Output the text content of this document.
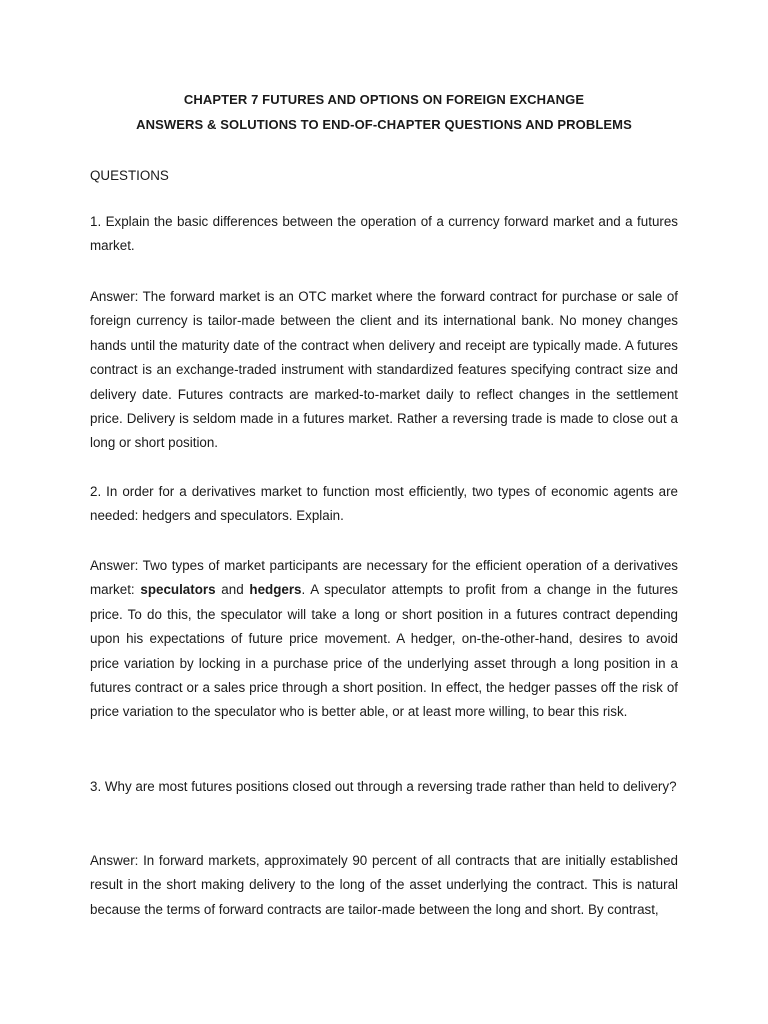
CHAPTER 7 FUTURES AND OPTIONS ON FOREIGN EXCHANGE
ANSWERS & SOLUTIONS TO END-OF-CHAPTER QUESTIONS AND PROBLEMS
QUESTIONS

1. Explain the basic differences between the operation of a currency forward market and a futures market.

Answer: The forward market is an OTC market where the forward contract for purchase or sale of foreign currency is tailor-made between the client and its international bank. No money changes hands until the maturity date of the contract when delivery and receipt are typically made. A futures contract is an exchange-traded instrument with standardized features specifying contract size and delivery date. Futures contracts are marked-to-market daily to reflect changes in the settlement price. Delivery is seldom made in a futures market. Rather a reversing trade is made to close out a long or short position.

2. In order for a derivatives market to function most efficiently, two types of economic agents are needed: hedgers and speculators. Explain.

Answer: Two types of market participants are necessary for the efficient operation of a derivatives market: speculators and hedgers. A speculator attempts to profit from a change in the futures price. To do this, the speculator will take a long or short position in a futures contract depending upon his expectations of future price movement. A hedger, on-the-other-hand, desires to avoid price variation by locking in a purchase price of the underlying asset through a long position in a futures contract or a sales price through a short position. In effect, the hedger passes off the risk of price variation to the speculator who is better able, or at least more willing, to bear this risk.

3. Why are most futures positions closed out through a reversing trade rather than held to delivery?

Answer: In forward markets, approximately 90 percent of all contracts that are initially established result in the short making delivery to the long of the asset underlying the contract. This is natural because the terms of forward contracts are tailor-made between the long and short. By contrast,
